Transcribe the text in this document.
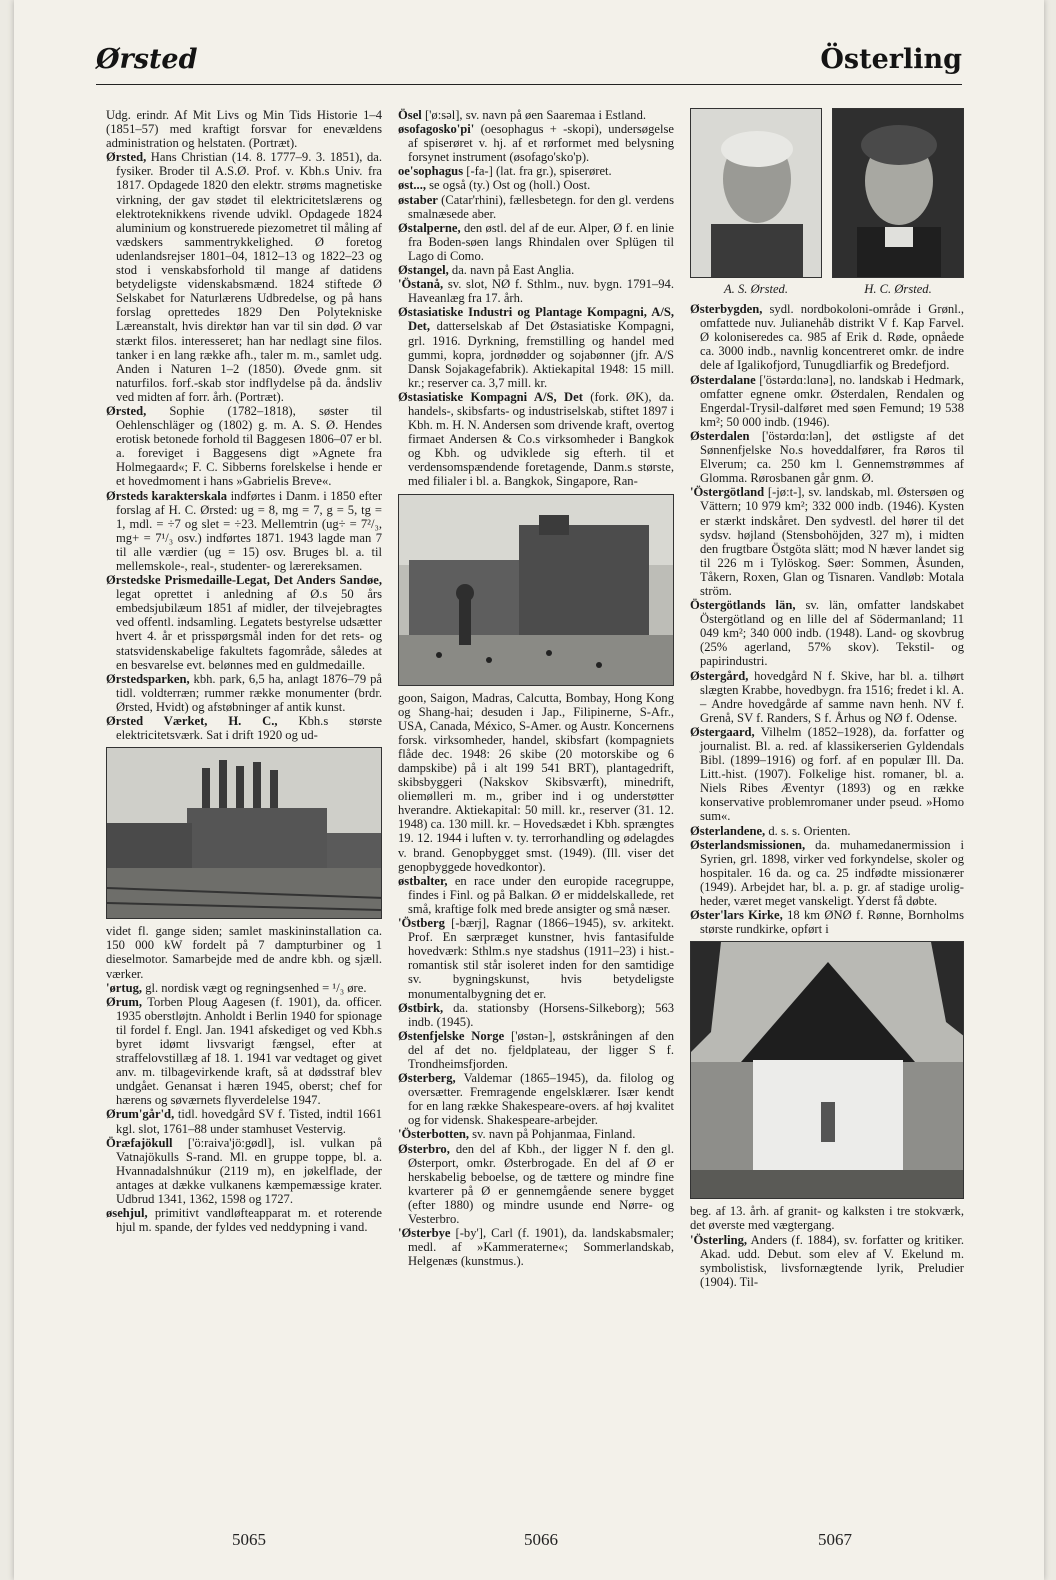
Ørsted	Österling

Udg. erindr. Af Mit Livs og Min Tids Historie 1–4 (1851–57) med kraftigt forsvar for enevældens administration og helstaten. (Portræt).

Ørsted, Hans Christian (14. 8. 1777–9. 3. 1851), da. fysiker. Broder til A.S.Ø. Prof. v. Kbh.s Univ. fra 1817. Opdagede 1820 den elektr. strøms magnetiske virkning, der gav stødet til elektricitetslærens og elektroteknikkens rivende udvikl. Opdagede 1824 aluminium og konstruerede piezometret til måling af vædskers sammentrykkelighed. Ø foretog udenlandsrejser 1801–04, 1812–13 og 1822–23 og stod i venskabsforhold til mange af datidens betydeligste videnskabsmænd. 1824 stiftede Ø Selskabet for Naturlærens Udbredelse, og på hans forslag oprettedes 1829 Den Polytekniske Læreanstalt, hvis direktør han var til sin død. Ø var stærkt filos. interesseret; han har nedlagt sine filos. tanker i en lang række afh., taler m. m., samlet udg. Anden i Naturen 1–2 (1850). Øvede gnm. sit naturfilos. forf.-skab stor indflydelse på da. åndsliv ved midten af forr. årh. (Portræt).

Ørsted, Sophie (1782–1818), søster til Oehlenschläger og (1802) g. m. A. S. Ø. Hendes erotisk betonede forhold til Baggesen 1806–07 er bl. a. foreviget i Baggesens digt »Agnete fra Holmegaard«; F. C. Sibberns forelskelse i hende er et hovedmoment i hans »Gabrielis Breve«.

Ørsteds karakterskala indførtes i Danm. i 1850 efter forslag af H. C. Ørsted: ug = 8, mg = 7, g = 5, tg = 1, mdl. = ÷7 og slet = ÷23. Mellemtrin (ug÷ = 7²/₃, mg+ = 7¹/₃ osv.) indførtes 1871. 1943 lagde man 7 til alle værdier (ug = 15) osv. Bruges bl. a. til mellemskole-, real-, studenter- og lærereksamen.

Ørstedske Prismedaille-Legat, Det Anders Sandøe, legat oprettet i anledning af Ø.s 50 års embedsjubilæum 1851 af midler, der tilvejebragtes ved offentl. indsamling. Legatets bestyrelse udsætter hvert 4. år et prisspørgsmål inden for det rets- og statsvidenskabelige fakultets fagområde, således at en besvarelse evt. belønnes med en guldmedaille.

Ørstedsparken, kbh. park, 6,5 ha, anlagt 1876–79 på tidl. voldterræn; rummer række monumenter (brdr. Ørsted, Hvidt) og afstøbninger af antik kunst.

Ørsted Værket, H. C., Kbh.s største elektricitetsværk. Sat i drift 1920 og ud-

videt fl. gange siden; samlet maskininstallation ca. 150 000 kW fordelt på 7 dampturbiner og 1 dieselmotor. Samarbejde med de andre kbh. og sjæll. værker.

'ørtug, gl. nordisk vægt og regningsenhed = ¹/₃ øre.

Ørum, Torben Ploug Aagesen (f. 1901), da. officer. 1935 oberstløjtn. Anholdt i Berlin 1940 for spionage til fordel f. Engl. Jan. 1941 afskediget og ved Kbh.s byret idømt livsvarigt fængsel, efter at straffelovstillæg af 18. 1. 1941 var vedtaget og givet anv. m. tilbagevirkende kraft, så at dødsstraf blev undgået. Genansat i hæren 1945, oberst; chef for hærens og søværnets flyverdelelse 1947.

Ørum'går'd, tidl. hovedgård SV f. Tisted, indtil 1661 kgl. slot, 1761–88 under stamhuset Vestervig.

Öræfajökull ['ö:raiva'jö:gødl], isl. vulkan på Vatnajökulls S-rand. Ml. en gruppe toppe, bl. a. Hvannadalshnúkur (2119 m), en jøkelflade, der antages at dække vulkanens kæmpemæssige krater. Udbrud 1341, 1362, 1598 og 1727.

øsehjul, primitivt vandløfteapparat m. et roterende hjul m. spande, der fyldes ved neddypning i vand.

Ösel ['ø:səl], sv. navn på øen Saaremaa i Estland.

øsofagosko'pi' (oesophagus + -skopi), undersøgelse af spiserøret v. hj. af et rørformet med belysning forsynet instrument (øsofago'sko'p).

oe'sophagus [-fa-] (lat. fra gr.), spiserøret.

øst..., se også (ty.) Ost og (holl.) Oost.

østaber (Catar'rhini), fællesbetegn. for den gl. verdens smalnæsede aber.

Østalperne, den østl. del af de eur. Alper, Ø f. en linie fra Boden-søen langs Rhindalen over Splügen til Lago di Como.

Østangel, da. navn på East Anglia.

'Östanå, sv. slot, NØ f. Sthlm., nuv. bygn. 1791–94. Haveanlæg fra 17. årh.

Østasiatiske Industri og Plantage Kompagni, A/S, Det, datterselskab af Det Østasiatiske Kompagni, grl. 1916. Dyrkning, fremstilling og handel med gummi, kopra, jordnødder og sojabønner (jfr. A/S Dansk Sojakagefabrik). Aktiekapital 1948: 15 mill. kr.; reserver ca. 3,7 mill. kr.

Østasiatiske Kompagni A/S, Det (fork. ØK), da. handels-, skibsfarts- og industriselskab, stiftet 1897 i Kbh. m. H. N. Andersen som drivende kraft, overtog firmaet Andersen & Co.s virksomheder i Bangkok og Kbh. og udviklede sig efterh. til et verdensomspændende foretagende, Danm.s største, med filialer i bl. a. Bangkok, Singapore, Ran-

goon, Saigon, Madras, Calcutta, Bombay, Hong Kong og Shang-hai; desuden i Jap., Filipinerne, S-Afr., USA, Canada, México, S-Amer. og Austr. Koncernens forsk. virksomheder, handel, skibsfart (kompagniets flåde dec. 1948: 26 skibe (20 motorskibe og 6 dampskibe) på i alt 199 541 BRT), plantagedrift, skibsbyggeri (Nakskov Skibsværft), minedrift, oliemølleri m. m., griber ind i og understøtter hverandre. Aktiekapital: 50 mill. kr., reserver (31. 12. 1948) ca. 130 mill. kr. – Hovedsædet i Kbh. sprængtes 19. 12. 1944 i luften v. ty. terrorhandling og ødelagdes v. brand. Genopbygget smst. (1949). (Ill. viser det genopbyggede hovedkontor).

østbalter, en race under den europide racegruppe, findes i Finl. og på Balkan. Ø er middelskallede, ret små, kraftige folk med brede ansigter og små næser.

'Östberg [-bærj], Ragnar (1866–1945), sv. arkitekt. Prof. En særpræget kunstner, hvis fantasifulde hovedværk: Sthlm.s nye stadshus (1911–23) i hist.-romantisk stil står isoleret inden for den samtidige sv. bygningskunst, hvis betydeligste monumentalbygning det er.

Østbirk, da. stationsby (Horsens-Silkeborg); 563 indb. (1945).

Østenfjelske Norge ['østən-], østskråningen af den del af det no. fjeldplateau, der ligger S f. Trondheimsfjorden.

Østerberg, Valdemar (1865–1945), da. filolog og oversætter. Fremragende engelsklærer. Især kendt for en lang række Shakespeare-overs. af høj kvalitet og for vidensk. Shakespeare-arbejder.

'Österbotten, sv. navn på Pohjanmaa, Finland.

Østerbro, den del af Kbh., der ligger N f. den gl. Østerport, omkr. Østerbrogade. En del af Ø er herskabelig beboelse, og de tættere og mindre fine kvarterer på Ø er gennemgående senere bygget (efter 1880) og mindre usunde end Nørre- og Vesterbro.

'Østerbye [-by'], Carl (f. 1901), da. landskabsmaler; medl. af »Kammeraterne«; Sommerlandskab, Helgenæs (kunstmus.).

A. S. Ørsted.	H. C. Ørsted.

Østerbygden, sydl. nordbokoloni-område i Grønl., omfattede nuv. Julianehåb distrikt V f. Kap Farvel. Ø koloniseredes ca. 985 af Erik d. Røde, opnåede ca. 3000 indb., navnlig koncentreret omkr. de indre dele af Igalikofjord, Tunugdliarfik og Bredefjord.

Østerdalane ['östərdɑ:lɑnə], no. landskab i Hedmark, omfatter egnene omkr. Østerdalen, Rendalen og Engerdal-Trysil-dalføret med søen Femund; 19 538 km²; 50 000 indb. (1946).

Østerdalen ['östərdɑ:lən], det østligste af det Sønnenfjelske No.s hoveddalfører, fra Røros til Elverum; ca. 250 km l. Gennemstrømmes af Glomma. Rørosbanen går gnm. Ø.

'Östergötland [-jø:t-], sv. landskab, ml. Østersøen og Vättern; 10 979 km²; 332 000 indb. (1946). Kysten er stærkt indskåret. Den sydvestl. del hører til det sydsv. højland (Stensbohöjden, 327 m), i midten den frugtbare Östgöta slätt; mod N hæver landet sig til 226 m i Tylöskog. Søer: Sommen, Åsunden, Tåkern, Roxen, Glan og Tisnaren. Vandløb: Motala ström.

Östergötlands län, sv. län, omfatter landskabet Östergötland og en lille del af Södermanland; 11 049 km²; 340 000 indb. (1948). Land- og skovbrug (25% agerland, 57% skov). Tekstil- og papirindustri.

Østergård, hovedgård N f. Skive, har bl. a. tilhørt slægten Krabbe, hovedbygn. fra 1516; fredet i kl. A. – Andre hovedgårde af samme navn henh. NV f. Grenå, SV f. Randers, S f. Århus og NØ f. Odense.

Østergaard, Vilhelm (1852–1928), da. forfatter og journalist. Bl. a. red. af klassikerserien Gyldendals Bibl. (1899–1916) og forf. af en populær Ill. Da. Litt.-hist. (1907). Folkelige hist. romaner, bl. a. Niels Ribes Æventyr (1893) og en række konservative problemromaner under pseud. »Homo sum«.

Østerlandene, d. s. s. Orienten.

Østerlandsmissionen, da. muhamedanermission i Syrien, grl. 1898, virker ved forkyndelse, skoler og hospitaler. 16 da. og ca. 25 indfødte missionærer (1949). Arbejdet har, bl. a. p. gr. af stadige uroligheder, været meget vanskeligt. Yderst få døbte.

Øster'lars Kirke, 18 km ØNØ f. Rønne, Bornholms største rundkirke, opført i

beg. af 13. årh. af granit- og kalksten i tre stokværk, det øverste med vægtergang.

'Österling, Anders (f. 1884), sv. forfatter og kritiker. Akad. udd. Debut. som elev af V. Ekelund m. symbolistisk, livsfornægtende lyrik, Preludier (1904). Til-

5065	5066	5067
